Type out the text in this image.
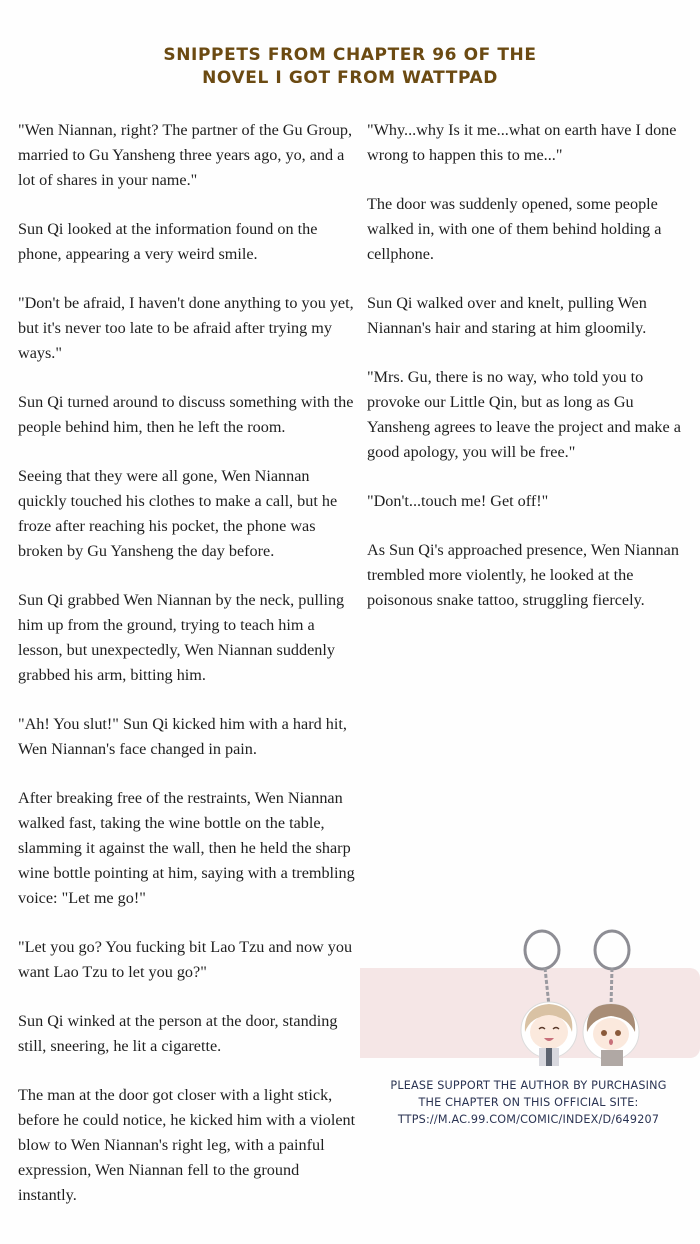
SNIPPETS FROM CHAPTER 96 OF THE
NOVEL I GOT FROM WATTPAD

"Wen Niannan, right? The partner of the Gu Group, married to Gu Yansheng three years ago, yo, and a lot of shares in your name."

Sun Qi looked at the information found on the phone, appearing a very weird smile.

"Don't be afraid, I haven't done anything to you yet, but it's never too late to be afraid after trying my ways."

Sun Qi turned around to discuss something with the people behind him, then he left the room.

Seeing that they were all gone, Wen Niannan quickly touched his clothes to make a call, but he froze after reaching his pocket, the phone was broken by Gu Yansheng the day before.

Sun Qi grabbed Wen Niannan by the neck, pulling him up from the ground, trying to teach him a lesson, but unexpectedly, Wen Niannan suddenly grabbed his arm, bitting him.

"Ah! You slut!" Sun Qi kicked him with a hard hit, Wen Niannan's face changed in pain.

After breaking free of the restraints, Wen Niannan walked fast, taking the wine bottle on the table, slamming it against the wall, then he held the sharp wine bottle pointing at him, saying with a trembling voice: "Let me go!"

"Let you go? You fucking bit Lao Tzu and now you want Lao Tzu to let you go?"

Sun Qi winked at the person at the door, standing still, sneering, he lit a cigarette.

The man at the door got closer with a light stick, before he could notice, he kicked him with a violent blow to Wen Niannan's right leg, with a painful expression, Wen Niannan fell to the ground instantly.

"Why...why Is it me...what on earth have I done wrong to happen this to me..."

The door was suddenly opened, some people walked in, with one of them behind holding a cellphone.

Sun Qi walked over and knelt, pulling Wen Niannan's hair and staring at him gloomily.

"Mrs. Gu, there is no way, who told you to provoke our Little Qin, but as long as Gu Yansheng agrees to leave the project and make a good apology, you will be free."

"Don't...touch me! Get off!"

As Sun Qi's approached presence, Wen Niannan trembled more violently, he looked at the poisonous snake tattoo, struggling fiercely.

PLEASE SUPPORT THE AUTHOR BY PURCHASING
THE CHAPTER ON THIS OFFICIAL SITE:
TTPS://M.AC.99.COM/COMIC/INDEX/D/649207
